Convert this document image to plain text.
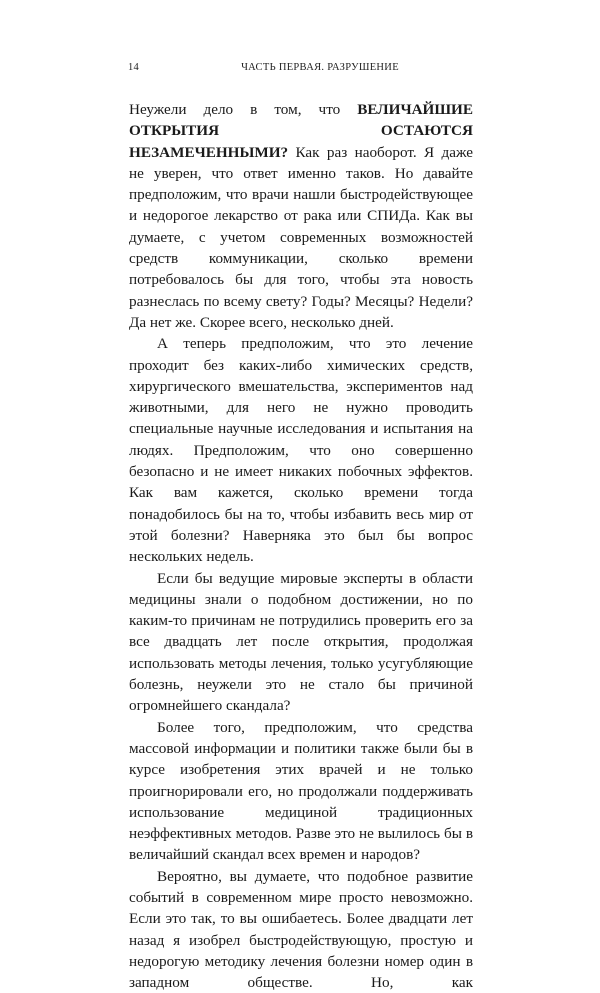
14	ЧАСТЬ ПЕРВАЯ. РАЗРУШЕНИЕ

Неужели дело в том, что ВЕЛИЧАЙШИЕ ОТКРЫТИЯ ОСТАЮТСЯ НЕЗАМЕЧЕННЫМИ? Как раз наоборот. Я даже не уверен, что ответ именно таков. Но давайте предположим, что врачи нашли быстродействующее и недорогое лекарство от рака или СПИДа. Как вы думаете, с учетом современных возможностей средств коммуникации, сколько времени потребовалось бы для того, чтобы эта новость разнеслась по всему свету? Годы? Месяцы? Недели? Да нет же. Скорее всего, несколько дней.

А теперь предположим, что это лечение проходит без каких-либо химических средств, хирургического вмешательства, экспериментов над животными, для него не нужно проводить специальные научные исследования и испытания на людях. Предположим, что оно совершенно безопасно и не имеет никаких побочных эффектов. Как вам кажется, сколько времени тогда понадобилось бы на то, чтобы избавить весь мир от этой болезни? Наверняка это был бы вопрос нескольких недель.

Если бы ведущие мировые эксперты в области медицины знали о подобном достижении, но по каким-то причинам не потрудились проверить его за все двадцать лет после открытия, продолжая использовать методы лечения, только усугубляющие болезнь, неужели это не стало бы причиной огромнейшего скандала?

Более того, предположим, что средства массовой информации и политики также были бы в курсе изобретения этих врачей и не только проигнорировали его, но продолжали поддерживать использование медициной традиционных неэффективных методов. Разве это не вылилось бы в величайший скандал всех времен и народов?

Вероятно, вы думаете, что подобное развитие событий в современном мире просто невозможно. Если это так, то вы ошибаетесь. Более двадцати лет назад я изобрел быстродействующую, простую и недорогую методику лечения болезни номер один в западном обществе. Но, как
